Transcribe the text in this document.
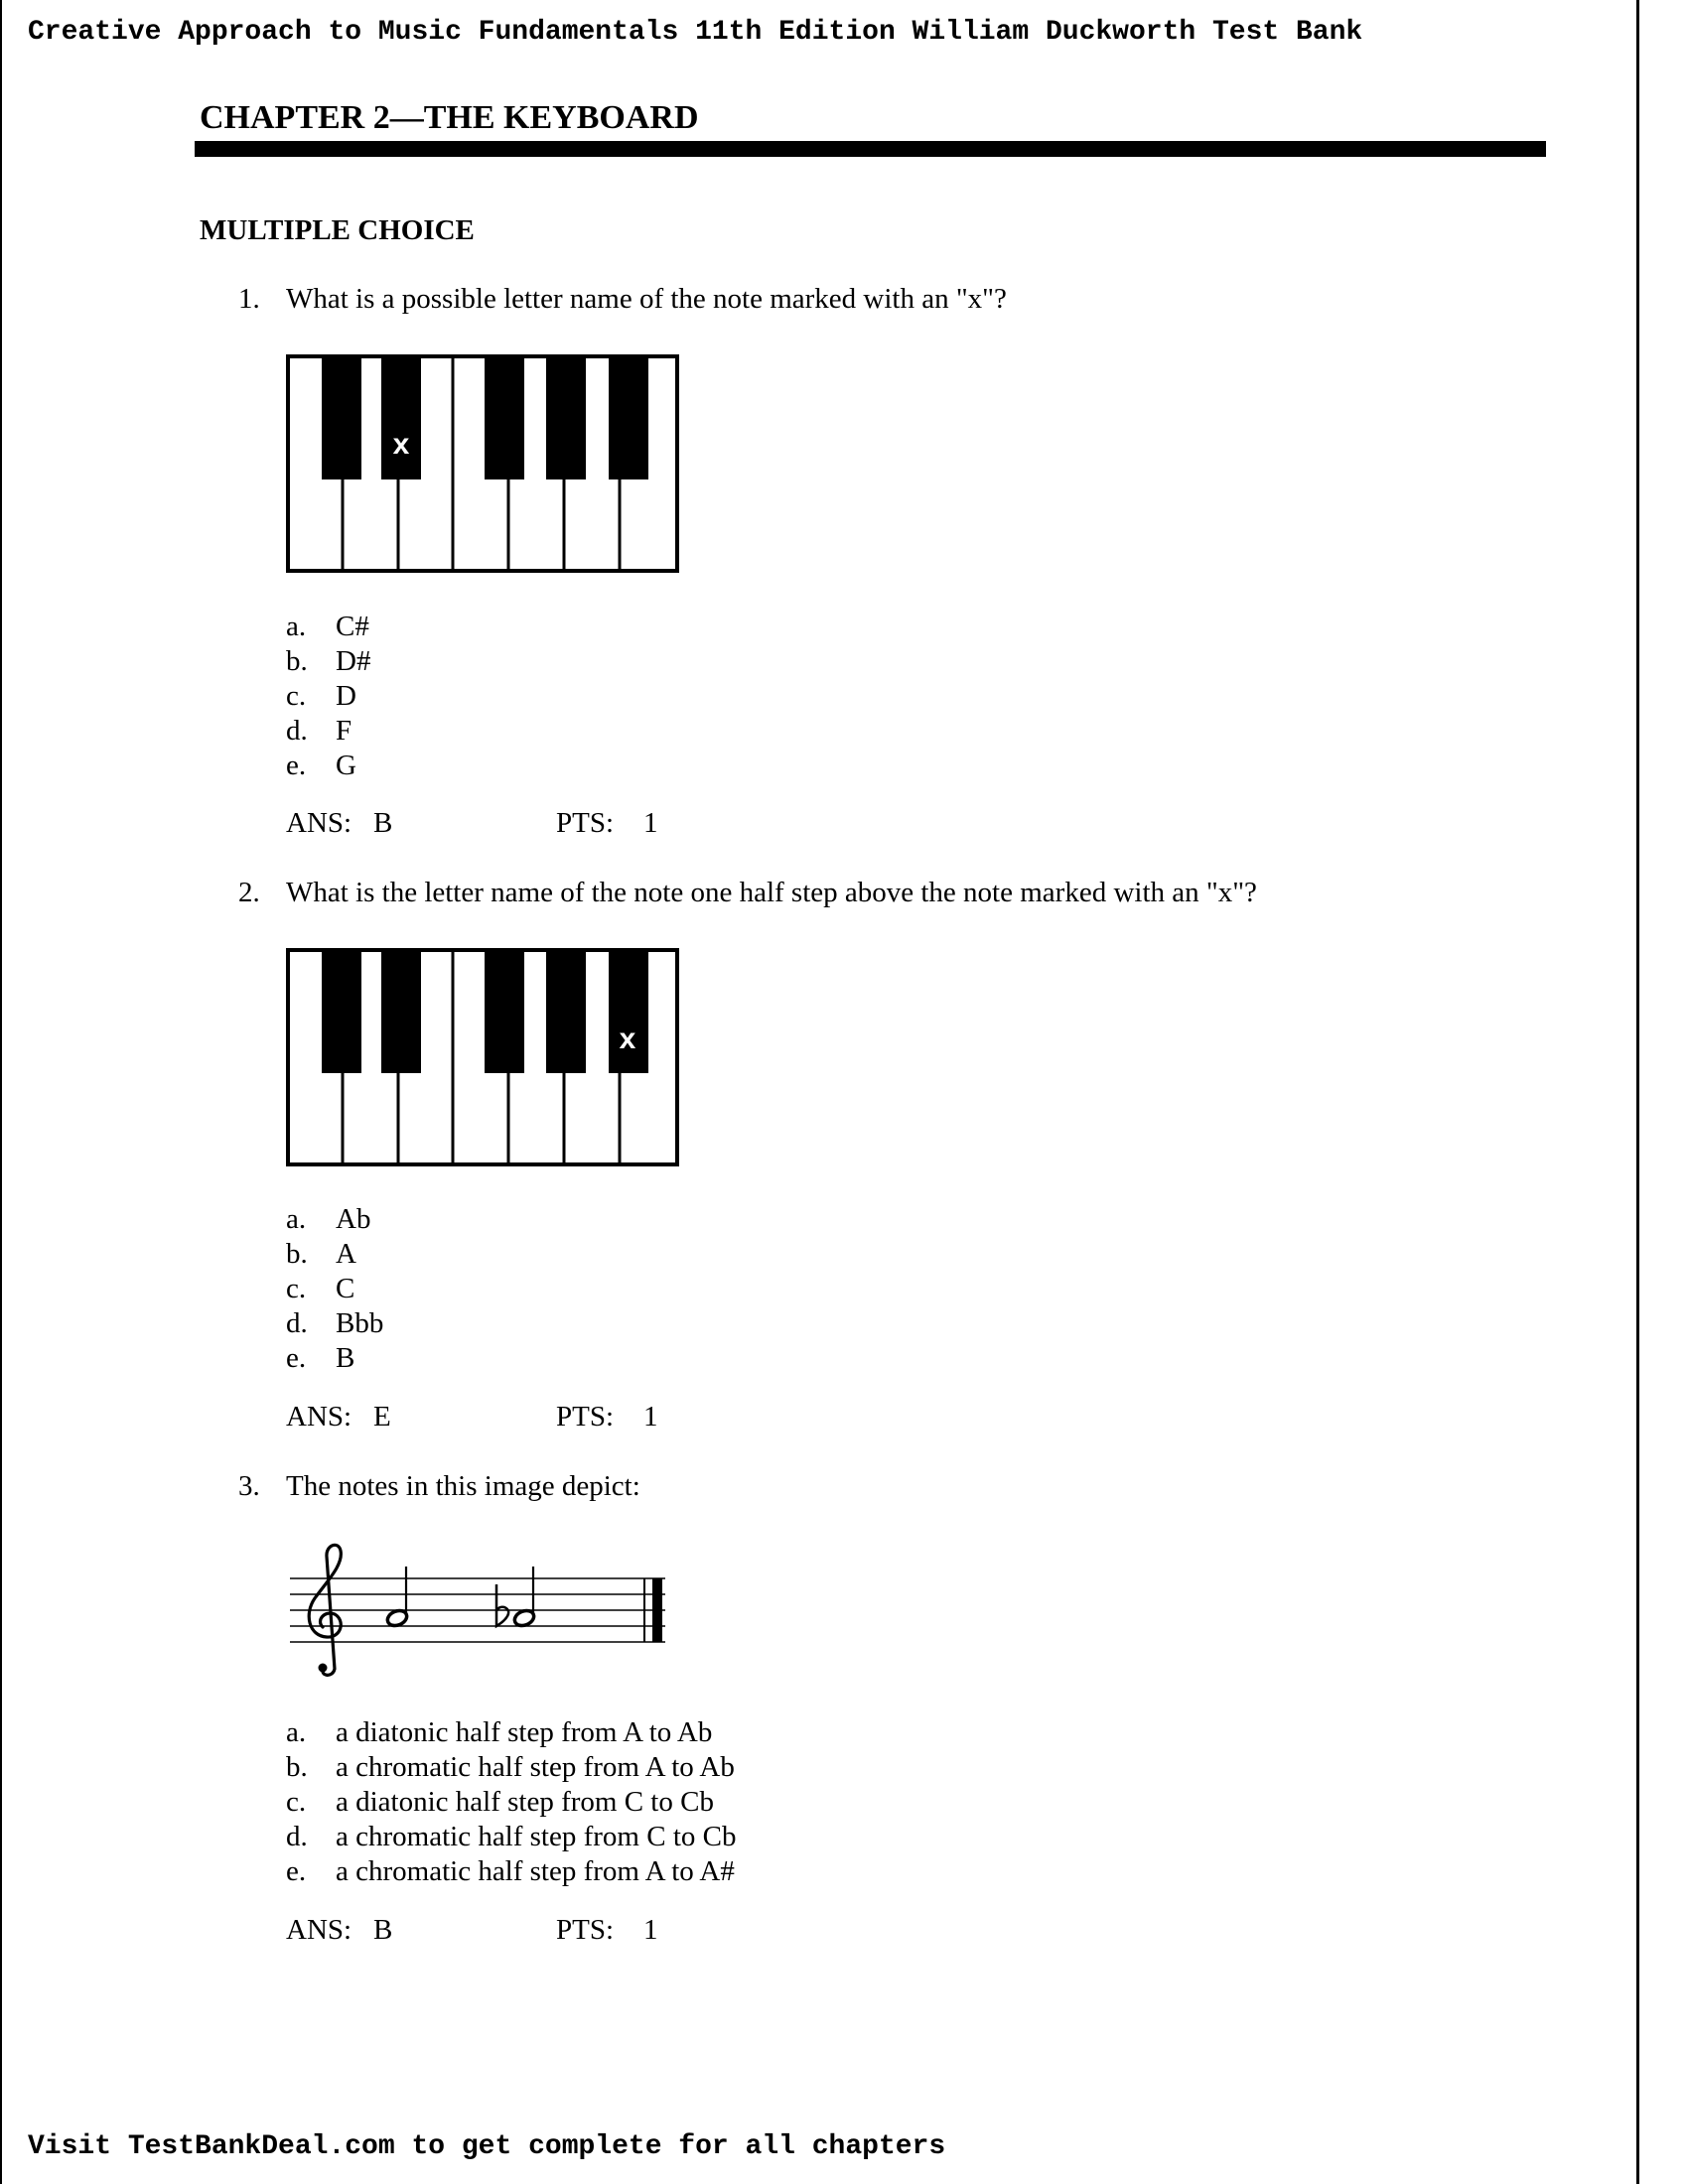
Creative Approach to Music Fundamentals 11th Edition William Duckworth Test Bank

CHAPTER 2—THE KEYBOARD
MULTIPLE CHOICE
1. What is a possible letter name of the note marked with an "x"?
x
a. C#
b. D#
c. D
d. F
e. G
ANS: B	PTS: 1
2. What is the letter name of the note one half step above the note marked with an "x"?
x
a. Ab
b. A
c. C
d. Bbb
e. B
ANS: E	PTS: 1
3. The notes in this image depict:
a. a diatonic half step from A to Ab
b. a chromatic half step from A to Ab
c. a diatonic half step from C to Cb
d. a chromatic half step from C to Cb
e. a chromatic half step from A to A#
ANS: B	PTS: 1

Visit TestBankDeal.com to get complete for all chapters
